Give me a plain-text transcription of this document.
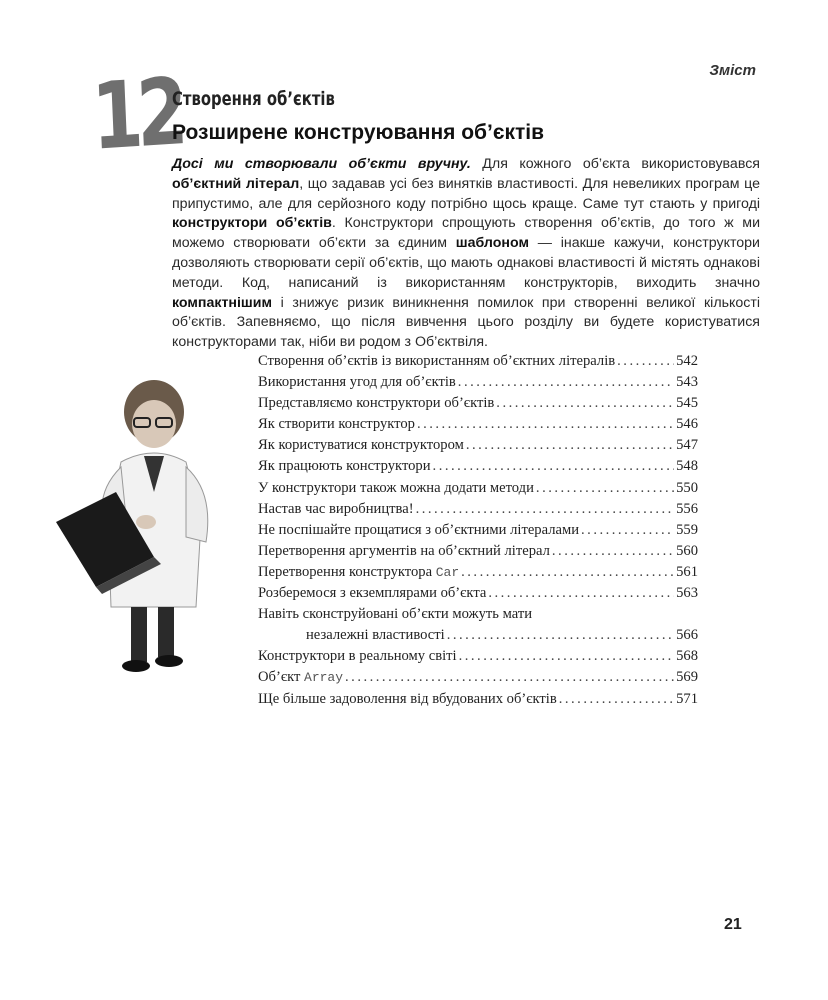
Зміст
12
Створення об’єктів
Розширене конструювання об’єктів
Досі ми створювали об’єкти вручну. Для кожного об’єкта використовувався об’єктний літерал, що задавав усі без винятків властивості. Для невеликих програм це припустимо, але для серйозного коду потрібно щось краще. Саме тут стають у пригоді конструктори об’єктів. Конструктори спрощують створення об’єктів, до того ж ми можемо створювати об’єкти за єдиним шаблоном — інакше кажучи, конструктори дозволяють створювати серії об’єктів, що мають однакові властивості й містять однакові методи. Код, написаний із використанням конструкторів, виходить значно компактнішим і знижує ризик виникнення помилок при створенні великої кількості об’єктів. Запевняємо, що після вивчення цього розділу ви будете користуватися конструкторами так, ніби ви родом з Об’єктвіля.
Створення об’єктів із використанням об’єктних літералів .....	542
Використання угод для об’єктів .....	543
Представляємо конструктори об’єктів .....	545
Як створити конструктор .....	546
Як користуватися конструктором .....	547
Як працюють конструктори .....	548
У конструктори також можна додати методи .....	550
Настав час виробництва! .....	556
Не поспішайте прощатися з об’єктними літералами .....	559
Перетворення аргументів на об’єктний літерал .....	560
Перетворення конструктора Car .....	561
Розберемося з екземплярами об’єкта .....	563
Навіть сконструйовані об’єкти можуть мати
незалежні властивості .....	566
Конструктори в реальному світі .....	568
Об’єкт Array .....	569
Ще більше задоволення від вбудованих об’єктів .....	571
21
